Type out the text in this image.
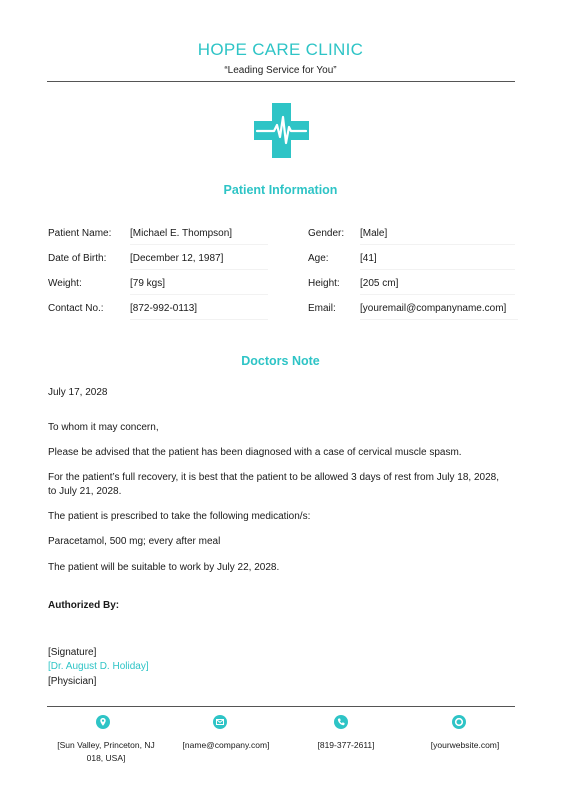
HOPE CARE CLINIC
“Leading Service for You”
Patient Information
Patient Name: [Michael E. Thompson]	Gender: [Male]
Date of Birth: [December 12, 1987]	Age:	[41]
Weight:	[79 kgs]	Height: [205 cm]
Contact No.:	[872-992-0113]	Email: [youremail@companyname.com]
Doctors Note
July 17, 2028
To whom it may concern,
Please be advised that the patient has been diagnosed with a case of cervical muscle spasm.
For the patient’s full recovery, it is best that the patient to be allowed 3 days of rest from July 18, 2028,
to July 21, 2028.
The patient is prescribed to take the following medication/s:
Paracetamol, 500 mg; every after meal
The patient will be suitable to work by July 22, 2028.
Authorized By:
[Signature]
[Dr. August D. Holiday]
[Physician]
[Sun Valley, Princeton, NJ
018, USA]
[name@company.com]	[819-377-2611]	[yourwebsite.com]
